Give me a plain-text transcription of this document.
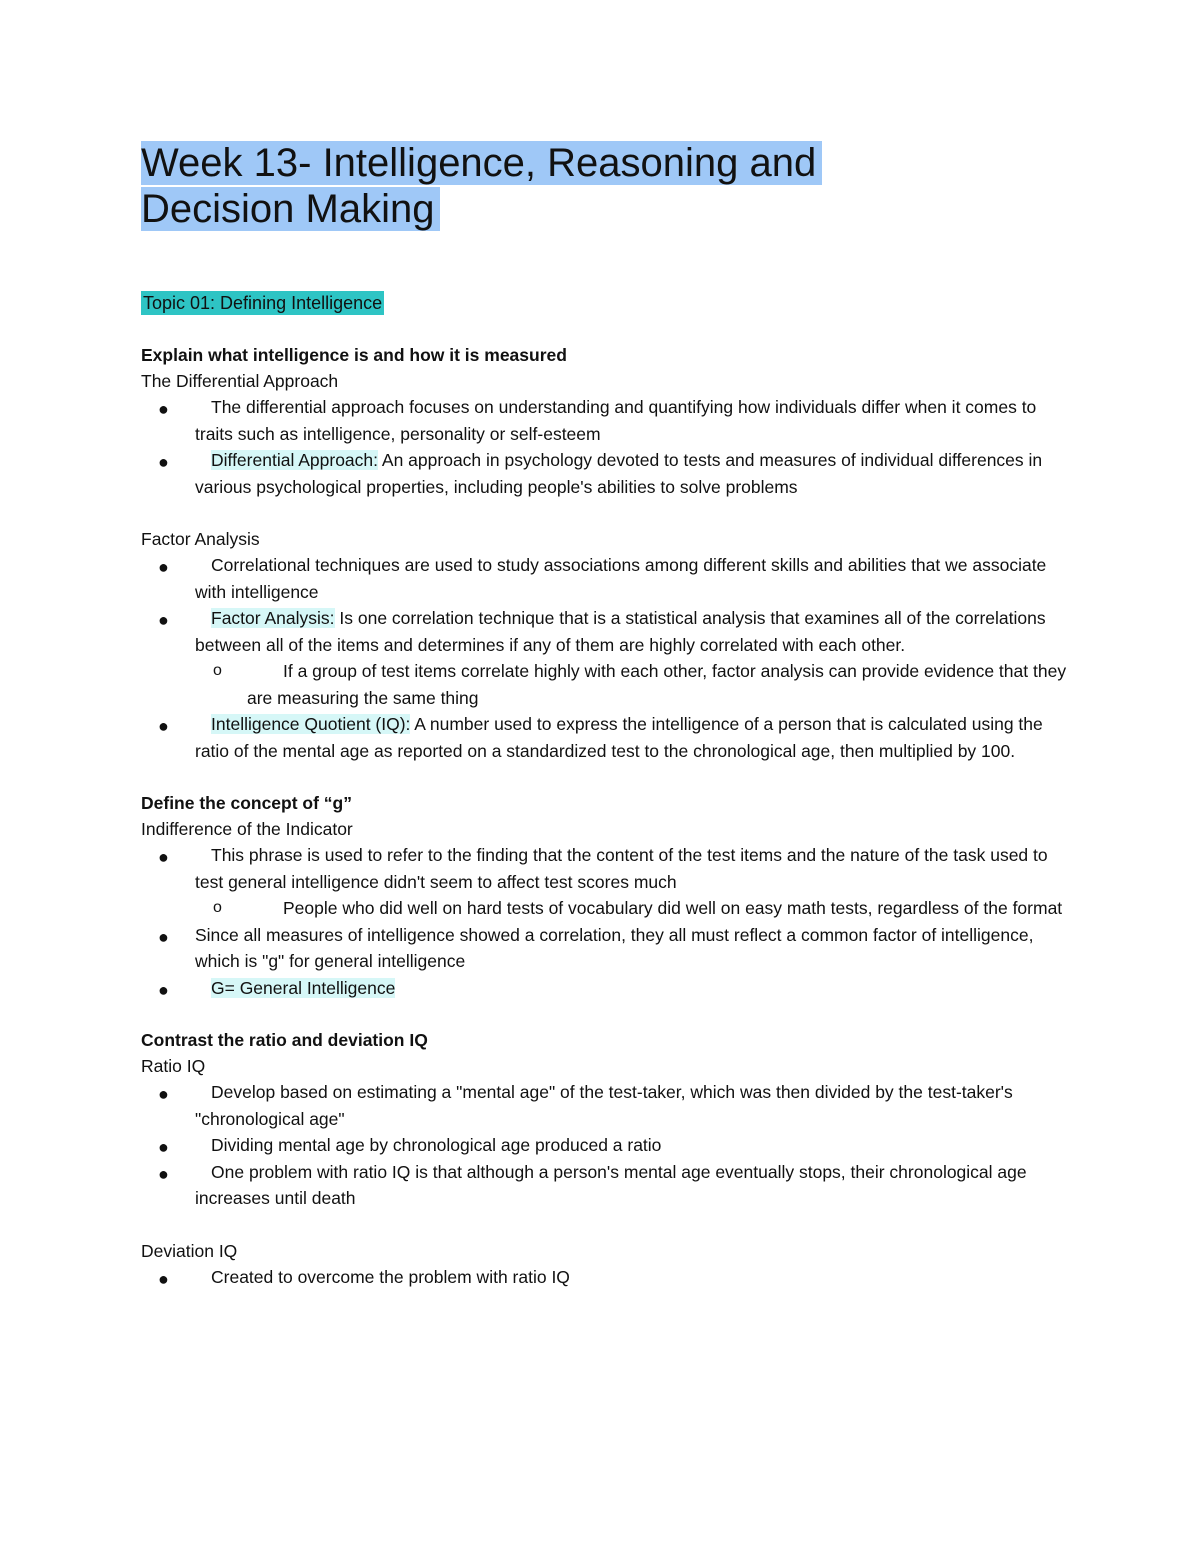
Week 13- Intelligence, Reasoning and
Decision Making
Topic 01: Defining Intelligence
Explain what intelligence is and how it is measured
The Differential Approach
● The differential approach focuses on understanding and quantifying how individuals differ when it comes to traits such as intelligence, personality or self-esteem
● Differential Approach: An approach in psychology devoted to tests and measures of individual differences in various psychological properties, including people's abilities to solve problems
Factor Analysis
● Correlational techniques are used to study associations among different skills and abilities that we associate with intelligence
● Factor Analysis: Is one correlation technique that is a statistical analysis that examines all of the correlations between all of the items and determines if any of them are highly correlated with each other.
o	If a group of test items correlate highly with each other, factor analysis can provide evidence that they are measuring the same thing
● Intelligence Quotient (IQ): A number used to express the intelligence of a person that is calculated using the ratio of the mental age as reported on a standardized test to the chronological age, then multiplied by 100.
Define the concept of “g”
Indifference of the Indicator
● This phrase is used to refer to the finding that the content of the test items and the nature of the task used to test general intelligence didn't seem to affect test scores much
o	People who did well on hard tests of vocabulary did well on easy math tests, regardless of the format
● Since all measures of intelligence showed a correlation, they all must reflect a common factor of intelligence, which is "g" for general intelligence
● G= General Intelligence
Contrast the ratio and deviation IQ
Ratio IQ
● Develop based on estimating a "mental age" of the test-taker, which was then divided by the test-taker's "chronological age"
● Dividing mental age by chronological age produced a ratio
● One problem with ratio IQ is that although a person's mental age eventually stops, their chronological age increases until death
Deviation IQ
● Created to overcome the problem with ratio IQ
